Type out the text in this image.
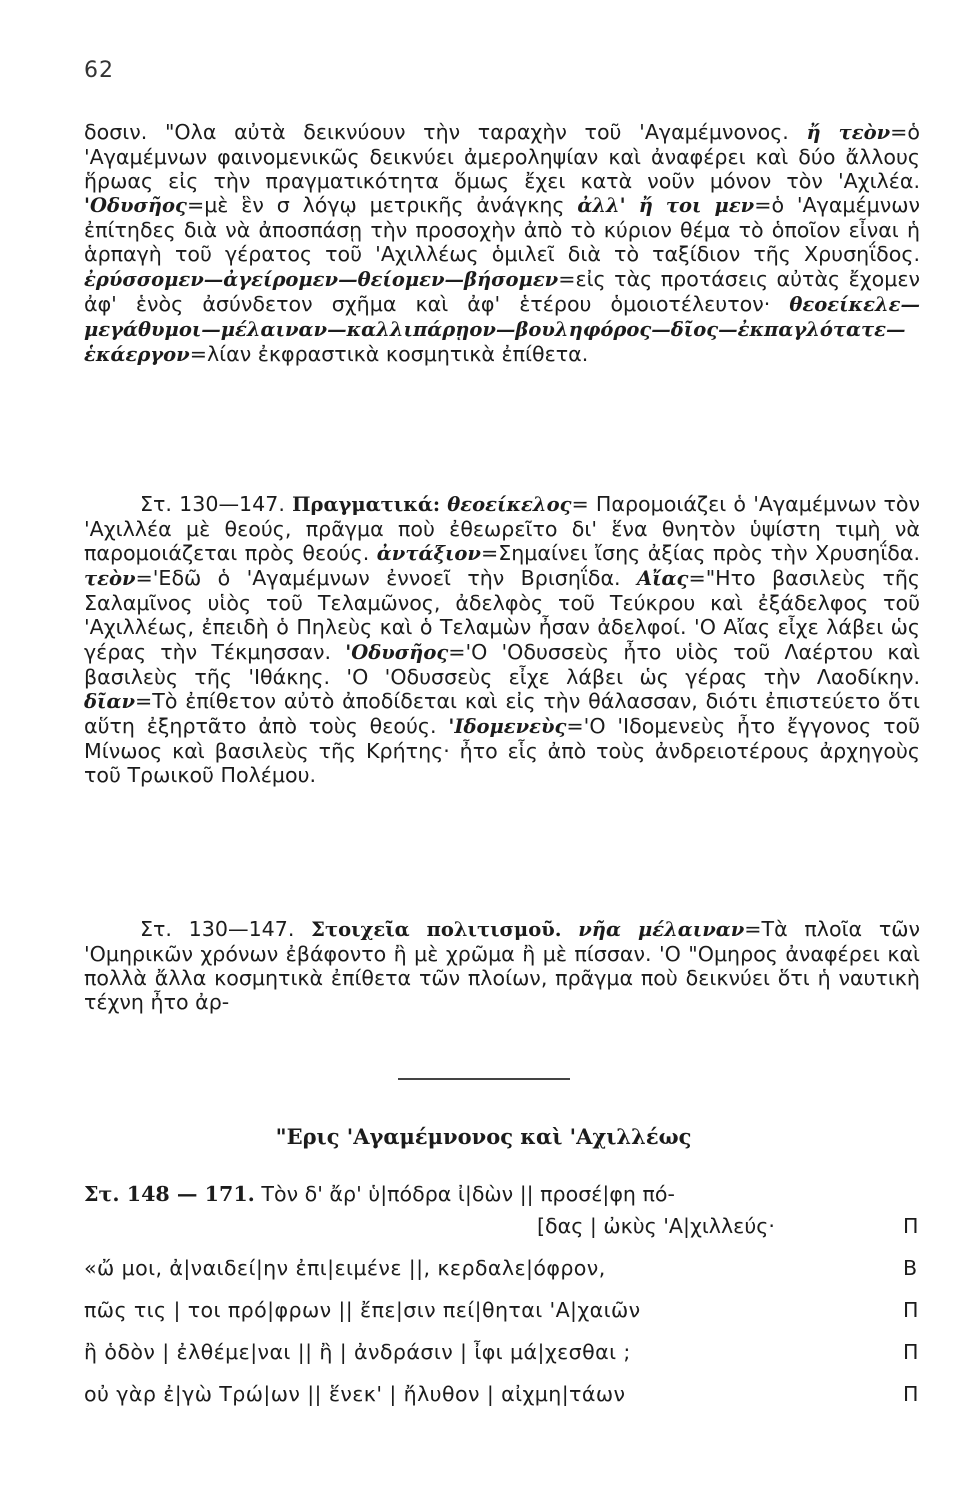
62

δοσιν. "Ολα αὐτὰ δεικνύουν τὴν ταραχὴν τοῦ 'Αγαμέμνονος. ἤ τεὸν=ὁ 'Αγαμέμνων φαινομενικῶς δεικνύει ἀμεροληψίαν καὶ ἀναφέρει καὶ δύο ἄλλους ἥρωας εἰς τὴν πραγματικότητα ὅμως ἔχει κατὰ νοῦν μόνον τὸν 'Αχιλέα. 'Οδυσῆος=μὲ ἓν σ λόγῳ μετρικῆς ἀνάγκης ἀλλ' ἤ τοι μεν=ὁ 'Αγαμέμνων ἐπίτηδες διὰ νὰ ἀποσπάσῃ τὴν προσοχὴν ἀπὸ τὸ κύριον θέμα τὸ ὁποῖον εἶναι ἡ ἁρπαγὴ τοῦ γέρατος τοῦ 'Αχιλλέως ὁμιλεῖ διὰ τὸ ταξίδιον τῆς Χρυσηΐδος. ἐρύσσομεν—ἀγείρομεν—θείομεν—βήσομεν=εἰς τὰς προτάσεις αὐτὰς ἔχομεν ἀφ' ἑνὸς ἀσύνδετον σχῆμα καὶ ἀφ' ἑτέρου ὁμοιοτέλευτον· θεοείκελε—μεγάθυμοι—μέλαιναν—καλλιπάρῃον—βουληφόρος—δῖος—ἐκπαγλότατε—ἑκάεργον=λίαν ἐκφραστικὰ κοσμητικὰ ἐπίθετα.

Στ. 130—147. Πραγματικά: θεοείκελος= Παρομοιάζει ὁ 'Αγαμέμνων τὸν 'Αχιλλέα μὲ θεούς, πρᾶγμα ποὺ ἐθεωρεῖτο δι' ἕνα θνητὸν ὑψίστη τιμὴ νὰ παρομοιάζεται πρὸς θεούς. ἀντάξιον=Σημαίνει ἴσης ἀξίας πρὸς τὴν Χρυσηΐδα. τεὸν='Εδῶ ὁ 'Αγαμέμνων ἐννοεῖ τὴν Βρισηΐδα. Αἴας="Ητο βασιλεὺς τῆς Σαλαμῖνος υἱὸς τοῦ Τελαμῶνος, ἀδελφὸς τοῦ Τεύκρου καὶ ἐξάδελφος τοῦ 'Αχιλλέως, ἐπειδὴ ὁ Πηλεὺς καὶ ὁ Τελαμὼν ἦσαν ἀδελφοί. 'Ο Αἴας εἶχε λάβει ὡς γέρας τὴν Τέκμησσαν. 'Οδυσῆος='Ο 'Οδυσσεὺς ἦτο υἱὸς τοῦ Λαέρτου καὶ βασιλεὺς τῆς 'Ιθάκης. 'Ο 'Οδυσσεὺς εἶχε λάβει ὡς γέρας τὴν Λαοδίκην. δῖαν=Τὸ ἐπίθετον αὐτὸ ἀποδίδεται καὶ εἰς τὴν θάλασσαν, διότι ἐπιστεύετο ὅτι αὕτη ἐξηρτᾶτο ἀπὸ τοὺς θεούς. 'Ιδομενεὺς='Ο 'Ιδομενεὺς ἦτο ἔγγονος τοῦ Μίνωος καὶ βασιλεὺς τῆς Κρήτης· ἦτο εἷς ἀπὸ τοὺς ἀνδρειοτέρους ἀρχηγοὺς τοῦ Τρωικοῦ Πολέμου.

Στ. 130—147. Στοιχεῖα πολιτισμοῦ. νῆα μέλαιναν=Τὰ πλοῖα τῶν 'Ομηρικῶν χρόνων ἐβάφοντο ἢ μὲ χρῶμα ἢ μὲ πίσσαν. 'Ο "Ομηρος ἀναφέρει καὶ πολλὰ ἄλλα κοσμητικὰ ἐπίθετα τῶν πλοίων, πρᾶγμα ποὺ δεικνύει ὅτι ἡ ναυτικὴ τέχνη ἦτο ἀρ-

"Ερις 'Αγαμέμνονος καὶ 'Αχιλλέως
Στ. 148 — 171. Τὸν δ' ἄρ' ὑ|πόδρα ἰ|δὼν || προσέ|φη πό-
[δας | ὠκὺς 'Α|χιλλεύς·
«ὤ μοι, ἀ|ναιδεί|ην ἐπι|ειμένε ||, κερδαλε|όφρον,
πῶς τις | τοι πρό|φρων || ἔπε|σιν πεί|θηται 'Α|χαιῶν
ἢ ὁδὸν | ἐλθέμε|ναι || ἢ | ἀνδράσιν | ἶφι μά|χεσθαι ;
οὐ γὰρ ἐ|γὼ Τρώ|ων || ἕνεκ' | ἤλυθον | αἰχμη|τάων
Π
Β
Π
Π
Π
